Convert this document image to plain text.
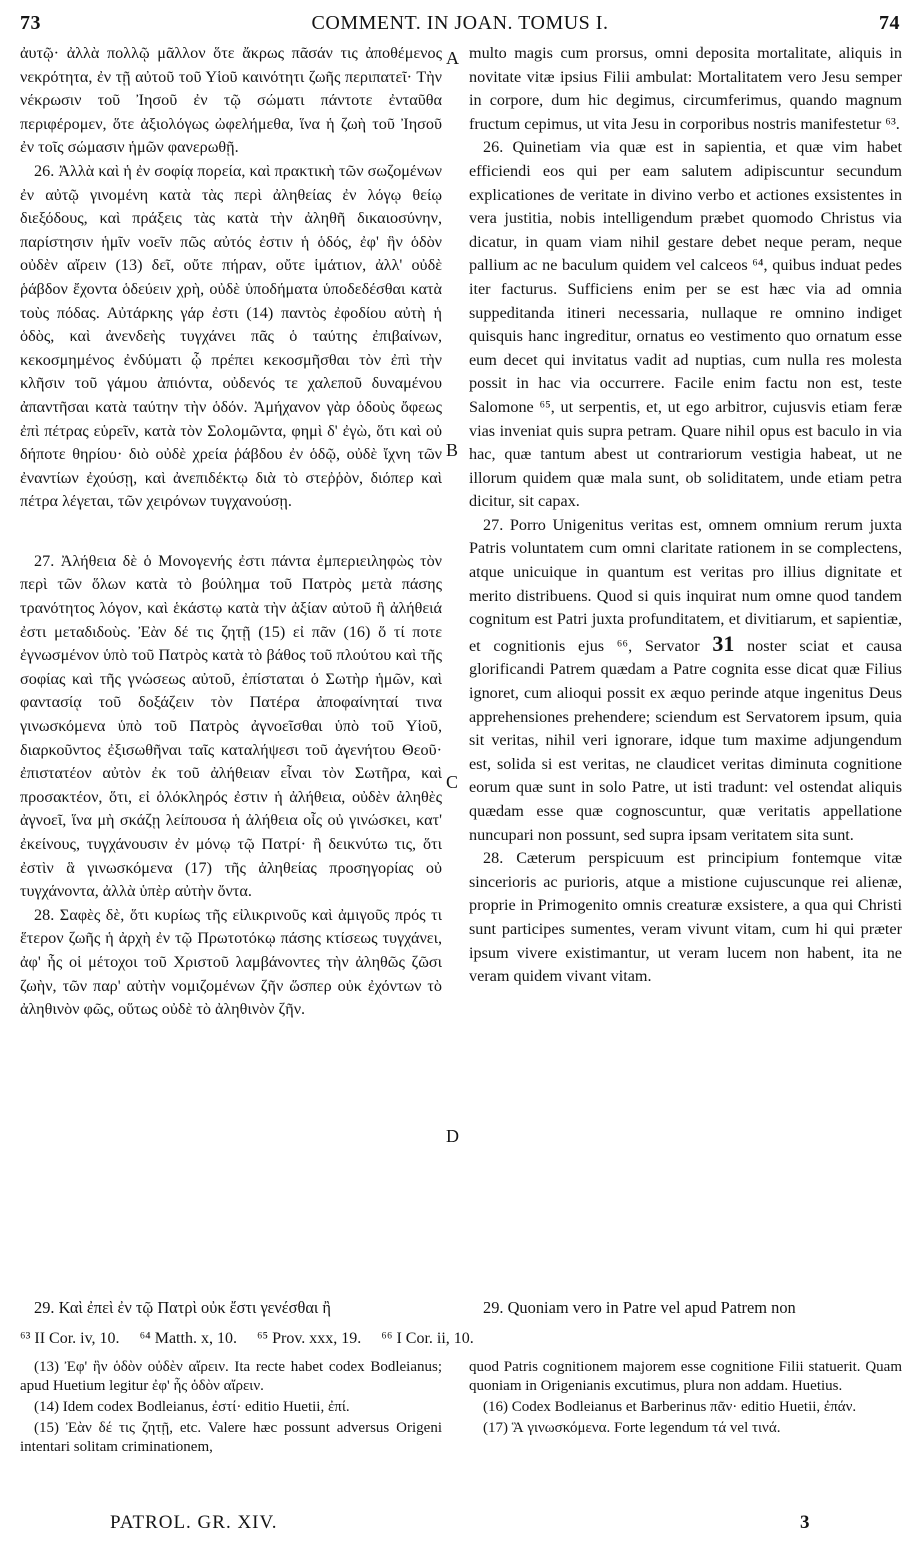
73	COMMENT. IN JOAN. TOMUS I.	74

ἀυτῷ· ἀλλὰ πολλῷ μᾶλλον ὅτε ἄκρως πᾶσάν τις ἀποθέμενος νεκρότητα, ἐν τῇ αὐτοῦ τοῦ Υἱοῦ καινότητι ζωῆς περιπατεῖ· Τὴν νέκρωσιν τοῦ Ἰησοῦ ἐν τῷ σώματι πάντοτε ἐνταῦθα περιφέρομεν, ὅτε ἀξιολόγως ὠφελήμεθα, ἵνα ἡ ζωὴ τοῦ Ἰησοῦ ἐν τοῖς σώμασιν ἡμῶν φανερωθῇ.

26. Ἀλλὰ καὶ ἡ ἐν σοφίᾳ πορεία, καὶ πρακτικὴ τῶν σωζομένων ἐν αὐτῷ γινομένη κατὰ τὰς περὶ ἀληθείας ἐν λόγῳ θείῳ διεξόδους, καὶ πράξεις τὰς κατὰ τὴν ἀληθῆ δικαιοσύνην, παρίστησιν ἡμῖν νοεῖν πῶς αὐτός ἐστιν ἡ ὁδός, ἐφ' ἣν ὁδὸν οὐδὲν αἴρειν (13) δεῖ, οὔτε πήραν, οὔτε ἱμάτιον, ἀλλ' οὐδὲ ῥάβδον ἔχοντα ὁδεύειν χρὴ, οὐδὲ ὑποδήματα ὑποδεδέσθαι κατὰ τοὺς πόδας. Αὐτάρκης γάρ ἐστι (14) παντὸς ἐφοδίου αὐτὴ ἡ ὁδὸς, καὶ ἀνενδεὴς τυγχάνει πᾶς ὁ ταύτης ἐπιβαίνων, κεκοσμημένος ἐνδύματι ᾧ πρέπει κεκοσμῆσθαι τὸν ἐπὶ τὴν κλῆσιν τοῦ γάμου ἀπιόντα, οὐδενός τε χαλεποῦ δυναμένου ἀπαντῆσαι κατὰ ταύτην τὴν ὁδόν. Ἀμήχανον γὰρ ὁδοὺς ὄφεως ἐπὶ πέτρας εὑρεῖν, κατὰ τὸν Σολομῶντα, φημὶ δ' ἐγὼ, ὅτι καὶ οὐ δήποτε θηρίου· διὸ οὐδὲ χρεία ῥάβδου ἐν ὁδῷ, οὐδὲ ἴχνη τῶν ἐναντίων ἐχούσῃ, καὶ ἀνεπιδέκτῳ διὰ τὸ στεῤῥὸν, διόπερ καὶ πέτρα λέγεται, τῶν χειρόνων τυγχανούσῃ.

27. Ἀλήθεια δὲ ὁ Μονογενής ἐστι πάντα ἐμπεριειληφὼς τὸν περὶ τῶν ὅλων κατὰ τὸ βούλημα τοῦ Πατρὸς μετὰ πάσης τρανότητος λόγον, καὶ ἑκάστῳ κατὰ τὴν ἀξίαν αὐτοῦ ἣ ἀλήθειά ἐστι μεταδιδοὺς. Ἐὰν δέ τις ζητῇ (15) εἰ πᾶν (16) ὅ τί ποτε ἐγνωσμένον ὑπὸ τοῦ Πατρὸς κατὰ τὸ βάθος τοῦ πλούτου καὶ τῆς σοφίας καὶ τῆς γνώσεως αὐτοῦ, ἐπίσταται ὁ Σωτὴρ ἡμῶν, καὶ φαντασίᾳ τοῦ δοξάζειν τὸν Πατέρα ἀποφαίνηταί τινα γινωσκόμενα ὑπὸ τοῦ Πατρὸς ἀγνοεῖσθαι ὑπὸ τοῦ Υἱοῦ, διαρκοῦντος ἐξισωθῆναι ταῖς καταλήψεσι τοῦ ἀγενήτου Θεοῦ· ἐπιστατέον αὐτὸν ἐκ τοῦ ἀλήθειαν εἶναι τὸν Σωτῆρα, καὶ προσακτέον, ὅτι, εἰ ὁλόκληρός ἐστιν ἡ ἀλήθεια, οὐδὲν ἀληθὲς ἀγνοεῖ, ἵνα μὴ σκάζῃ λείπουσα ἡ ἀλήθεια οἷς οὐ γινώσκει, κατ' ἐκείνους, τυγχάνουσιν ἐν μόνῳ τῷ Πατρί· ἢ δεικνύτω τις, ὅτι ἐστὶν ἃ γινωσκόμενα (17) τῆς ἀληθείας προσηγορίας οὐ τυγχάνοντα, ἀλλὰ ὑπὲρ αὐτὴν ὄντα.

28. Σαφὲς δὲ, ὅτι κυρίως τῆς εἰλικρινοῦς καὶ ἀμιγοῦς πρός τι ἕτερον ζωῆς ἡ ἀρχὴ ἐν τῷ Πρωτοτόκῳ πάσης κτίσεως τυγχάνει, ἀφ' ἧς οἱ μέτοχοι τοῦ Χριστοῦ λαμβάνοντες τὴν ἀληθῶς ζῶσι ζωὴν, τῶν παρ' αὐτὴν νομιζομένων ζῆν ὥσπερ οὐκ ἐχόντων τὸ ἀληθινὸν φῶς, οὕτως οὐδὲ τὸ ἀληθινὸν ζῆν.

A
B
C
D

multo magis cum prorsus, omni deposita mortalitate, aliquis in novitate vitæ ipsius Filii ambulat: Mortalitatem vero Jesu semper in corpore, dum hic degimus, circumferimus, quando magnum fructum cepimus, ut vita Jesu in corporibus nostris manifestetur ⁶³.

26. Quinetiam via quæ est in sapientia, et quæ vim habet efficiendi eos qui per eam salutem adipiscuntur secundum explicationes de veritate in divino verbo et actiones exsistentes in vera justitia, nobis intelligendum præbet quomodo Christus via dicatur, in quam viam nihil gestare debet neque peram, neque pallium ac ne baculum quidem vel calceos ⁶⁴, quibus induat pedes iter facturus. Sufficiens enim per se est hæc via ad omnia suppeditanda itineri necessaria, nullaque re omnino indiget quisquis hanc ingreditur, ornatus eo vestimento quo ornatum esse eum decet qui invitatus vadit ad nuptias, cum nulla res molesta possit in hac via occurrere. Facile enim factu non est, teste Salomone ⁶⁵, ut serpentis, et, ut ego arbitror, cujusvis etiam feræ vias inveniat quis supra petram. Quare nihil opus est baculo in via hac, quæ tantum abest ut contrariorum vestigia habeat, ut ne illorum quidem quæ mala sunt, ob soliditatem, unde etiam petra dicitur, sit capax.

27. Porro Unigenitus veritas est, omnem omnium rerum juxta Patris voluntatem cum omni claritate rationem in se complectens, atque unicuique in quantum est veritas pro illius dignitate et merito distribuens. Quod si quis inquirat num omne quod tandem cognitum est Patri juxta profunditatem, et divitiarum, et sapientiæ, et cognitionis ejus ⁶⁶, Servator 31 noster sciat et causa glorificandi Patrem quædam a Patre cognita esse dicat quæ Filius ignoret, cum alioqui possit ex æquo perinde atque ingenitus Deus apprehensiones prehendere; sciendum est Servatorem ipsum, quia sit veritas, nihil veri ignorare, idque tum maxime adjungendum est, solida si est veritas, ne claudicet veritas diminuta cognitione eorum quæ sunt in solo Patre, ut isti tradunt: vel ostendat aliquis quædam esse quæ cognoscuntur, quæ veritatis appellatione nuncupari non possunt, sed supra ipsam veritatem sita sunt.

28. Cæterum perspicuum est principium fontemque vitæ sincerioris ac purioris, atque a mistione cujuscunque rei alienæ, proprie in Primogenito omnis creaturæ exsistere, a qua qui Christi sunt participes sumentes, veram vivunt vitam, cum hi qui præter ipsum vivere existimantur, ut veram lucem non habent, ita ne veram quidem vivant vitam.

29. Καὶ ἐπεὶ ἐν τῷ Πατρὶ οὐκ ἔστι γενέσθαι ἢ	29. Quoniam vero in Patre vel apud Patrem non
⁶³ II Cor. iv, 10. ⁶⁴ Matth. x, 10. ⁶⁵ Prov. xxx, 19. ⁶⁶ I Cor. ii, 10.

(13) Ἐφ' ἣν ὁδὸν οὐδὲν αἴρειν. Ita recte habet codex Bodleianus; apud Huetium legitur ἐφ' ἧς ὁδὸν αἴρειν.

(14) Idem codex Bodleianus, ἐστί· editio Huetii, ἐπί.

(15) Ἐὰν δέ τις ζητῇ, etc. Valere hæc possunt adversus Origeni intentari solitam criminationem,

quod Patris cognitionem majorem esse cognitione Filii statuerit. Quam quoniam in Origenianis excutimus, plura non addam. Huetius.

(16) Codex Bodleianus et Barberinus πᾶν· editio Huetii, ἐπάν.

(17) Ἃ γινωσκόμενα. Forte legendum τά vel τινά.

PATROL. GR. XIV.	3
